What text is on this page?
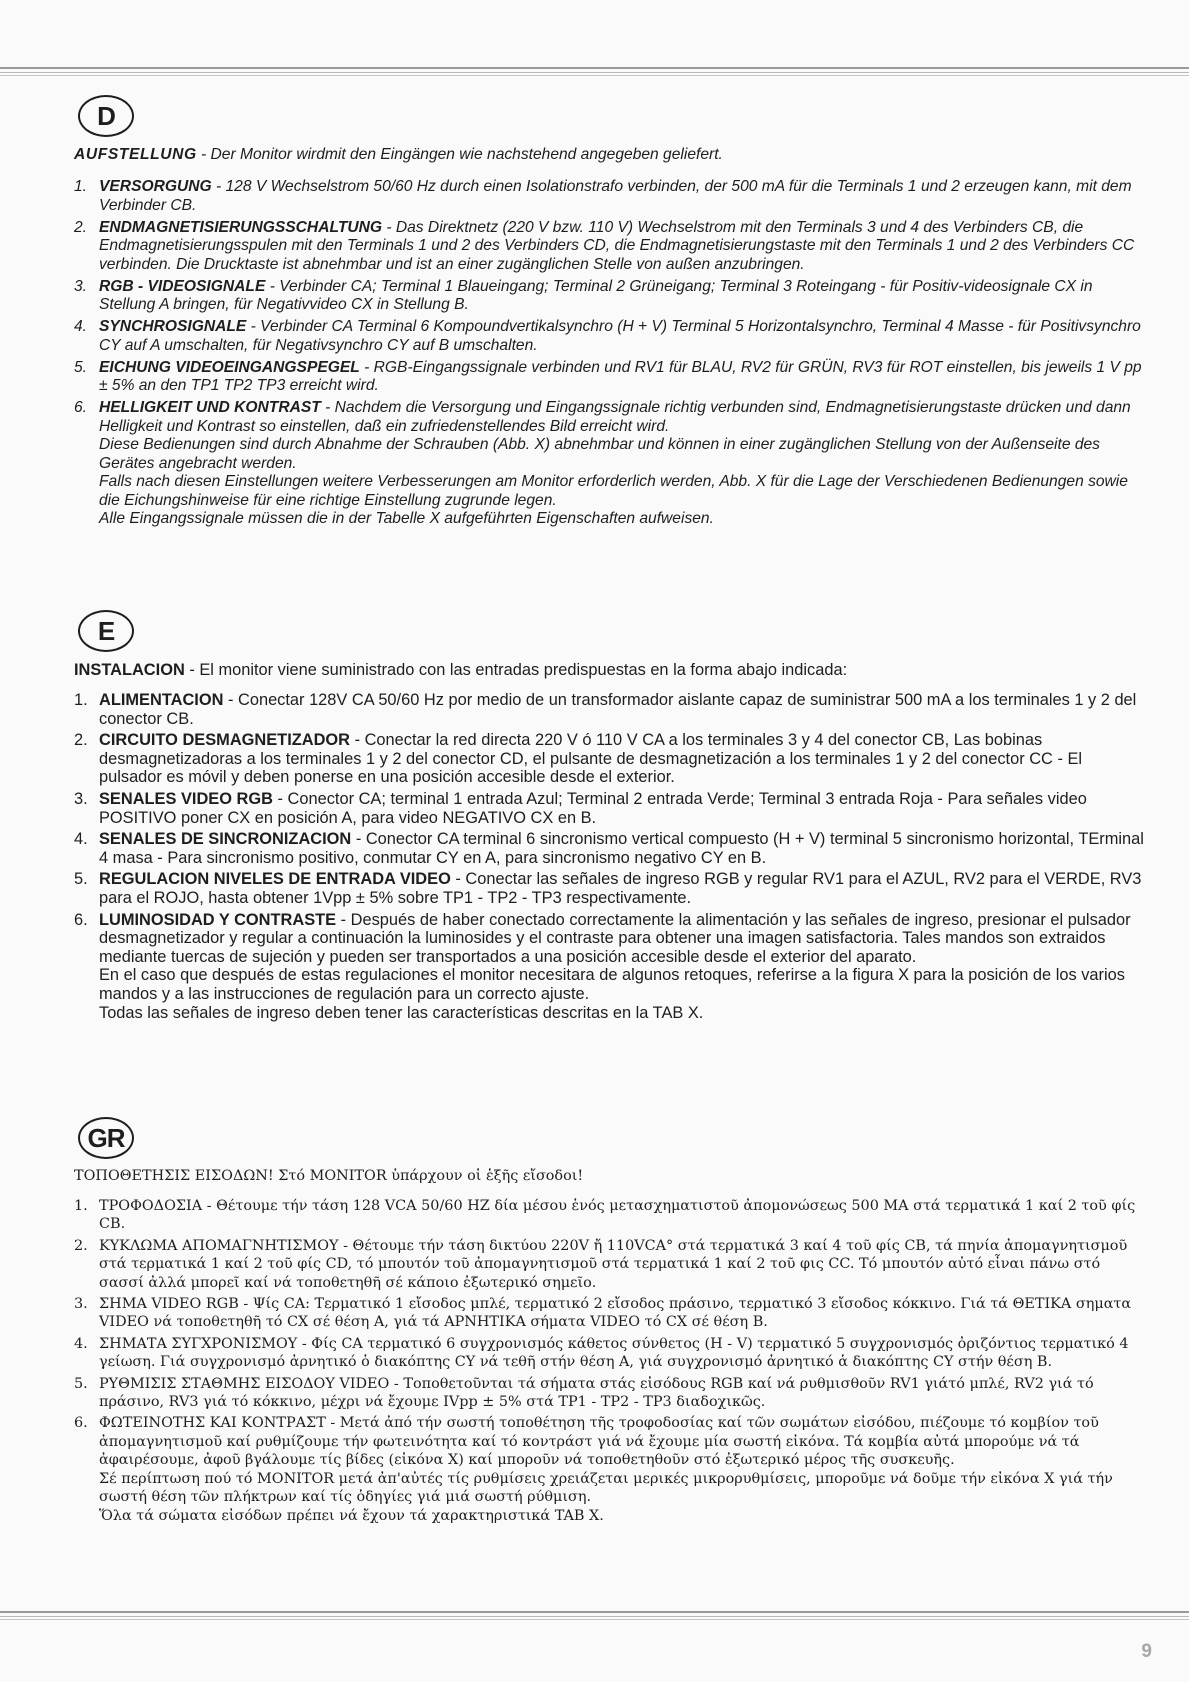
D

AUFSTELLUNG - Der Monitor wirdmit den Eingängen wie nachstehend angegeben geliefert.

1. VERSORGUNG - 128 V Wechselstrom 50/60 Hz durch einen Isolationstrafo verbinden, der 500 mA für die Terminals 1 und 2 erzeugen kann, mit dem Verbinder CB.
2. ENDMAGNETISIERUNGSSCHALTUNG - Das Direktnetz (220 V bzw. 110 V) Wechselstrom mit den Terminals 3 und 4 des Verbinders CB, die Endmagnetisierungsspulen mit den Terminals 1 und 2 des Verbinders CD, die Endmagnetisierungstaste mit den Terminals 1 und 2 des Verbinders CC verbinden. Die Drucktaste ist abnehmbar und ist an einer zugänglichen Stelle von außen anzubringen.
3. RGB - VIDEOSIGNALE - Verbinder CA; Terminal 1 Blaueingang; Terminal 2 Grüneigang; Terminal 3 Roteingang - für Positiv-videosignale CX in Stellung A bringen, für Negativvideo CX in Stellung B.
4. SYNCHROSIGNALE - Verbinder CA Terminal 6 Kompoundvertikalsynchro (H + V) Terminal 5 Horizontalsynchro, Terminal 4 Masse - für Positivsynchro CY auf A umschalten, für Negativsynchro CY auf B umschalten.
5. EICHUNG VIDEOEINGANGSPEGEL - RGB-Eingangssignale verbinden und RV1 für BLAU, RV2 für GRÜN, RV3 für ROT einstellen, bis jeweils 1 V pp ± 5% an den TP1 TP2 TP3 erreicht wird.
6. HELLIGKEIT UND KONTRAST - Nachdem die Versorgung und Eingangssignale richtig verbunden sind, Endmagnetisierungstaste drücken und dann Helligkeit und Kontrast so einstellen, daß ein zufriedenstellendes Bild erreicht wird.
Diese Bedienungen sind durch Abnahme der Schrauben (Abb. X) abnehmbar und können in einer zugänglichen Stellung von der Außenseite des Gerätes angebracht werden.
Falls nach diesen Einstellungen weitere Verbesserungen am Monitor erforderlich werden, Abb. X für die Lage der Verschiedenen Bedienungen sowie die Eichungshinweise für eine richtige Einstellung zugrunde legen.
Alle Eingangssignale müssen die in der Tabelle X aufgeführten Eigenschaften aufweisen.
E

INSTALACION - El monitor viene suministrado con las entradas predispuestas en la forma abajo indicada:

1. ALIMENTACION - Conectar 128V CA 50/60 Hz por medio de un transformador aislante capaz de suministrar 500 mA a los terminales 1 y 2 del conector CB.
2. CIRCUITO DESMAGNETIZADOR - Conectar la red directa 220 V ó 110 V CA a los terminales 3 y 4 del conector CB, Las bobinas desmagnetizadoras a los terminales 1 y 2 del conector CD, el pulsante de desmagnetización a los terminales 1 y 2 del conector CC - El pulsador es móvil y deben ponerse en una posición accesible desde el exterior.
3. SENALES VIDEO RGB - Conector CA; terminal 1 entrada Azul; Terminal 2 entrada Verde; Terminal 3 entrada Roja - Para señales video POSITIVO poner CX en posición A, para video NEGATIVO CX en B.
4. SENALES DE SINCRONIZACION - Conector CA terminal 6 sincronismo vertical compuesto (H + V) terminal 5 sincronismo horizontal, TErminal 4 masa - Para sincronismo positivo, conmutar CY en A, para sincronismo negativo CY en B.
5. REGULACION NIVELES DE ENTRADA VIDEO - Conectar las señales de ingreso RGB y regular RV1 para el AZUL, RV2 para el VERDE, RV3 para el ROJO, hasta obtener 1Vpp ± 5% sobre TP1 - TP2 - TP3 respectivamente.
6. LUMINOSIDAD Y CONTRASTE - Después de haber conectado correctamente la alimentación y las señales de ingreso, presionar el pulsador desmagnetizador y regular a continuación la luminosides y el contraste para obtener una imagen satisfactoria. Tales mandos son extraidos mediante tuercas de sujeción y pueden ser transportados a una posición accesible desde el exterior del aparato.
En el caso que después de estas regulaciones el monitor necesitara de algunos retoques, referirse a la figura X para la posición de los varios mandos y a las instrucciones de regulación para un correcto ajuste.
Todas las señales de ingreso deben tener las características descritas en la TAB X.
GR

ΤΟΠΟΘΕΤΗΣΙΣ ΕΙΣΟΔΩΝ! Στό MONITOR ὑπάρχουν οἱ ἑξῆς εἴσοδοι!

1. ΤΡΟΦΟΔΟΣΙΑ - Θέτουμε τήν τάση 128 VCA 50/60 HZ δία μέσου ἑνός μετασχηματιστοῦ ἀπομονώσεως 500 MA στά τερματικά 1 καί 2 τοῦ φίς CB.
2. ΚΥΚΛΩΜΑ ΑΠΟΜΑΓΝΗΤΙΣΜΟΥ - Θέτουμε τήν τάση δικτύου 220V ἤ 110VCA° στά τερματικά 3 καί 4 τοῦ φίς CB, τά πηνία ἀπομαγνητισμοῦ στά τερματικά 1 καί 2 τοῦ φίς CD, τό μπουτόν τοῦ ἀπομαγνητισμοῦ στά τερματικά 1 καί 2 τοῦ φις CC. Τό μπουτόν αὐτό εἶναι πάνω στό σασσί ἀλλά μπορεῖ καί νά τοποθετηθῆ σέ κάποιο ἐξωτερικό σημεῖο.
3. ΣΗΜΑ VIDEO RGB - Ψίς CA: Τερματικό 1 εἴσοδος μπλέ, τερματικό 2 εἴσοδος πράσινο, τερματικό 3 εἴσοδος κόκκινο. Γιά τά ΘΕΤΙΚΑ σηματα VIDEO νά τοποθετηθῆ τό CX σέ θέση A, γιά τά ΑΡΝΗΤΙΚΑ σήματα VIDEO τό CX σέ θέση B.
4. ΣΗΜΑΤΑ ΣΥΓΧΡΟΝΙΣΜΟΥ - Φίς CA τερματικό 6 συγχρονισμός κάθετος σύνθετος (H - V) τερματικό 5 συγχρονισμός ὀριζόντιος τερματικό 4 γείωση. Γιά συγχρονισμό ἀρνητικό ὁ διακόπτης CY νά τεθῆ στήν θέση A, γιά συγχρονισμό ἀρνητικό ἁ διακόπτης CY στήν θέση B.
5. ΡΥΘΜΙΣΙΣ ΣΤΑΘΜΗΣ ΕΙΣΟΔΟΥ VIDEO - Τοποθετοῦνται τά σήματα στάς εἰσόδους RGB καί νά ρυθμισθοῦν RV1 γιάτό μπλέ, RV2 γιά τό πράσινο, RV3 γιά τό κόκκινο, μέχρι νά ἔχουμε IVpp ± 5% στά TP1 - TP2 - TP3 διαδοχικῶς.
6. ΦΩΤΕΙΝΟΤΗΣ ΚΑΙ ΚΟΝΤΡΑΣΤ - Μετά ἀπό τήν σωστή τοποθέτηση τῆς τροφοδοσίας καί τῶν σωμάτων εἰσόδου, πιέζουμε τό κομβίον τοῦ ἀπομαγνητισμοῦ καί ρυθμίζουμε τήν φωτεινότητα καί τό κοντράστ γιά νά ἔχουμε μία σωστή εἰκόνα. Τά κομβία αὐτά μπορούμε νά τά ἀφαιρέσουμε, ἀφοῦ βγάλουμε τίς βίδες (εἰκόνα X) καί μποροῦν νά τοποθετηθοῦν στό ἐξωτερικό μέρος τῆς συσκευῆς.
Σέ περίπτωση πού τό MONITOR μετά ἀπ'αὐτές τίς ρυθμίσεις χρειάζεται μερικές μικρορυθμίσεις, μποροῦμε νά δοῦμε τήν εἰκόνα X γιά τήν σωστή θέση τῶν πλήκτρων καί τίς ὁδηγίες γιά μιά σωστή ρύθμιση.
Ὅλα τά σώματα εἰσόδων πρέπει νά ἔχουν τά χαρακτηριστικά TAB X.
9
